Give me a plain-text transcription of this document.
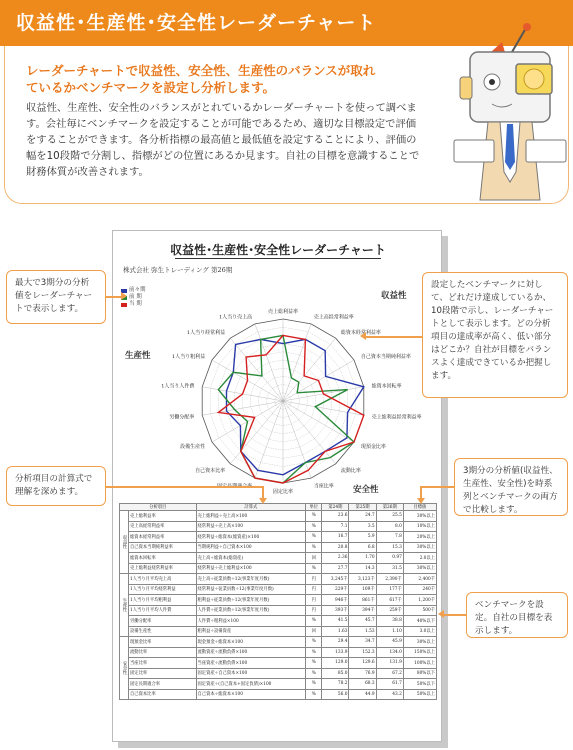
収益性･生産性･安全性レーダーチャート
レーダーチャートで収益性、安全性、生産性のバランスが取れているかベンチマークを設定し分析します。
収益性、生産性、安全性のバランスがとれているかレーダーチャートを使って調べます。会社毎にベンチマークを設定することが可能であるため、適切な目標設定で評価をすることができます。各分析指標の最高値と最低値を設定することにより、評価の幅を10段階で分割し、指標がどの位置にあるか見ます。自社の目標を意識することで財務体質が改善されます。
収益性･生産性･安全性レーダーチャート
株式会社 弥生トレーディング 第26期
前々期
前 期
当 期
売上総利益率
売上高経常利益率
総資本経常利益率
自己資本当期純利益率
総資本回転率
売上総利益経常利益率
現預金比率
流動比率
当座比率
固定比率
自己資本比率
設備生産性
労働分配率
1人当り人件費
1人当り粗利益
1人当り経常利益
1人当り売上高
収益性
生産性
安全性
分析項目		計算式	単位	第24期	第25期	第26期	目標値
収益性	売上総利益率	売上総利益÷売上高×100	%	23.6	24.7	25.5	30%以上
	売上高経常利益率	経常利益÷売上高×100	%	7.1	3.5	8.0	10%以上
	総資本経常利益率	経常利益÷総資本(総資産)×100	%	16.7	5.9	7.8	20%以上
	自己資本当期純利益率	当期純利益÷自己資本×100	%	20.8	6.8	15.3	30%以上
	総資本回転率	売上高÷総資本(総資産)	回	2.36	1.70	0.97	2.0以上
	売上総利益経常利益率	経常利益÷売上総利益×100	%	27.7	14.3	31.5	30%以上
生産性	1人当り月平均売上高	売上高÷従業員数÷12(事業年度月数)	円	3,245千	3,123千	2,390千	2,400千
	1人当り月平均経常利益	経常利益÷従業員数÷12(事業年度月数)	円	229千	109千	177千	240千
	1人当り月平均粗利益	粗利益÷従業員数÷12(事業年度月数)	円	946千	861千	617千	1,200千
	1人当り月平均人件費	人件費÷従業員数÷12(事業年度月数)	円	393千	394千	259千	500千
	労働分配率	人件費÷粗利益×100	%	41.5	45.7	38.8	40%以下
	設備生産性	粗利益÷設備資産	回	1.63	1.53	1.10	3.0以上
安全性	現預金比率	現金預金÷総資本×100	%	29.4	34.7	45.9	30%以上
	流動比率	流動資産÷流動負債×100	%	133.9	152.3	134.0	150%以上
	当座比率	当座資産÷流動負債×100	%	129.0	129.6	131.9	100%以上
	固定比率	固定資産÷自己資本×100	%	85.0	76.9	67.2	80%以下
	固定長期適合率	固定資産÷(自己資本+固定負債)×100	%	78.2	68.3	61.7	50%以下
	自己資本比率	自己資本÷総資本×100	%	56.0	44.9	43.2	50%以上
最大で3期分の分析値をレーダーチャートで表示します。
分析項目の計算式で理解を深めます。
設定したベンチマークに対して、どれだけ達成しているか、10段階で示し、レーダーチャートとして表示します。どの分析項目の達成率が高く、低い部分はどこか？自社が目標をバランスよく達成できているか把握します。
3期分の分析値(収益性、生産性、安全性)を時系列とベンチマークの両方で比較します。
ベンチマークを設定。自社の目標を表示します。
